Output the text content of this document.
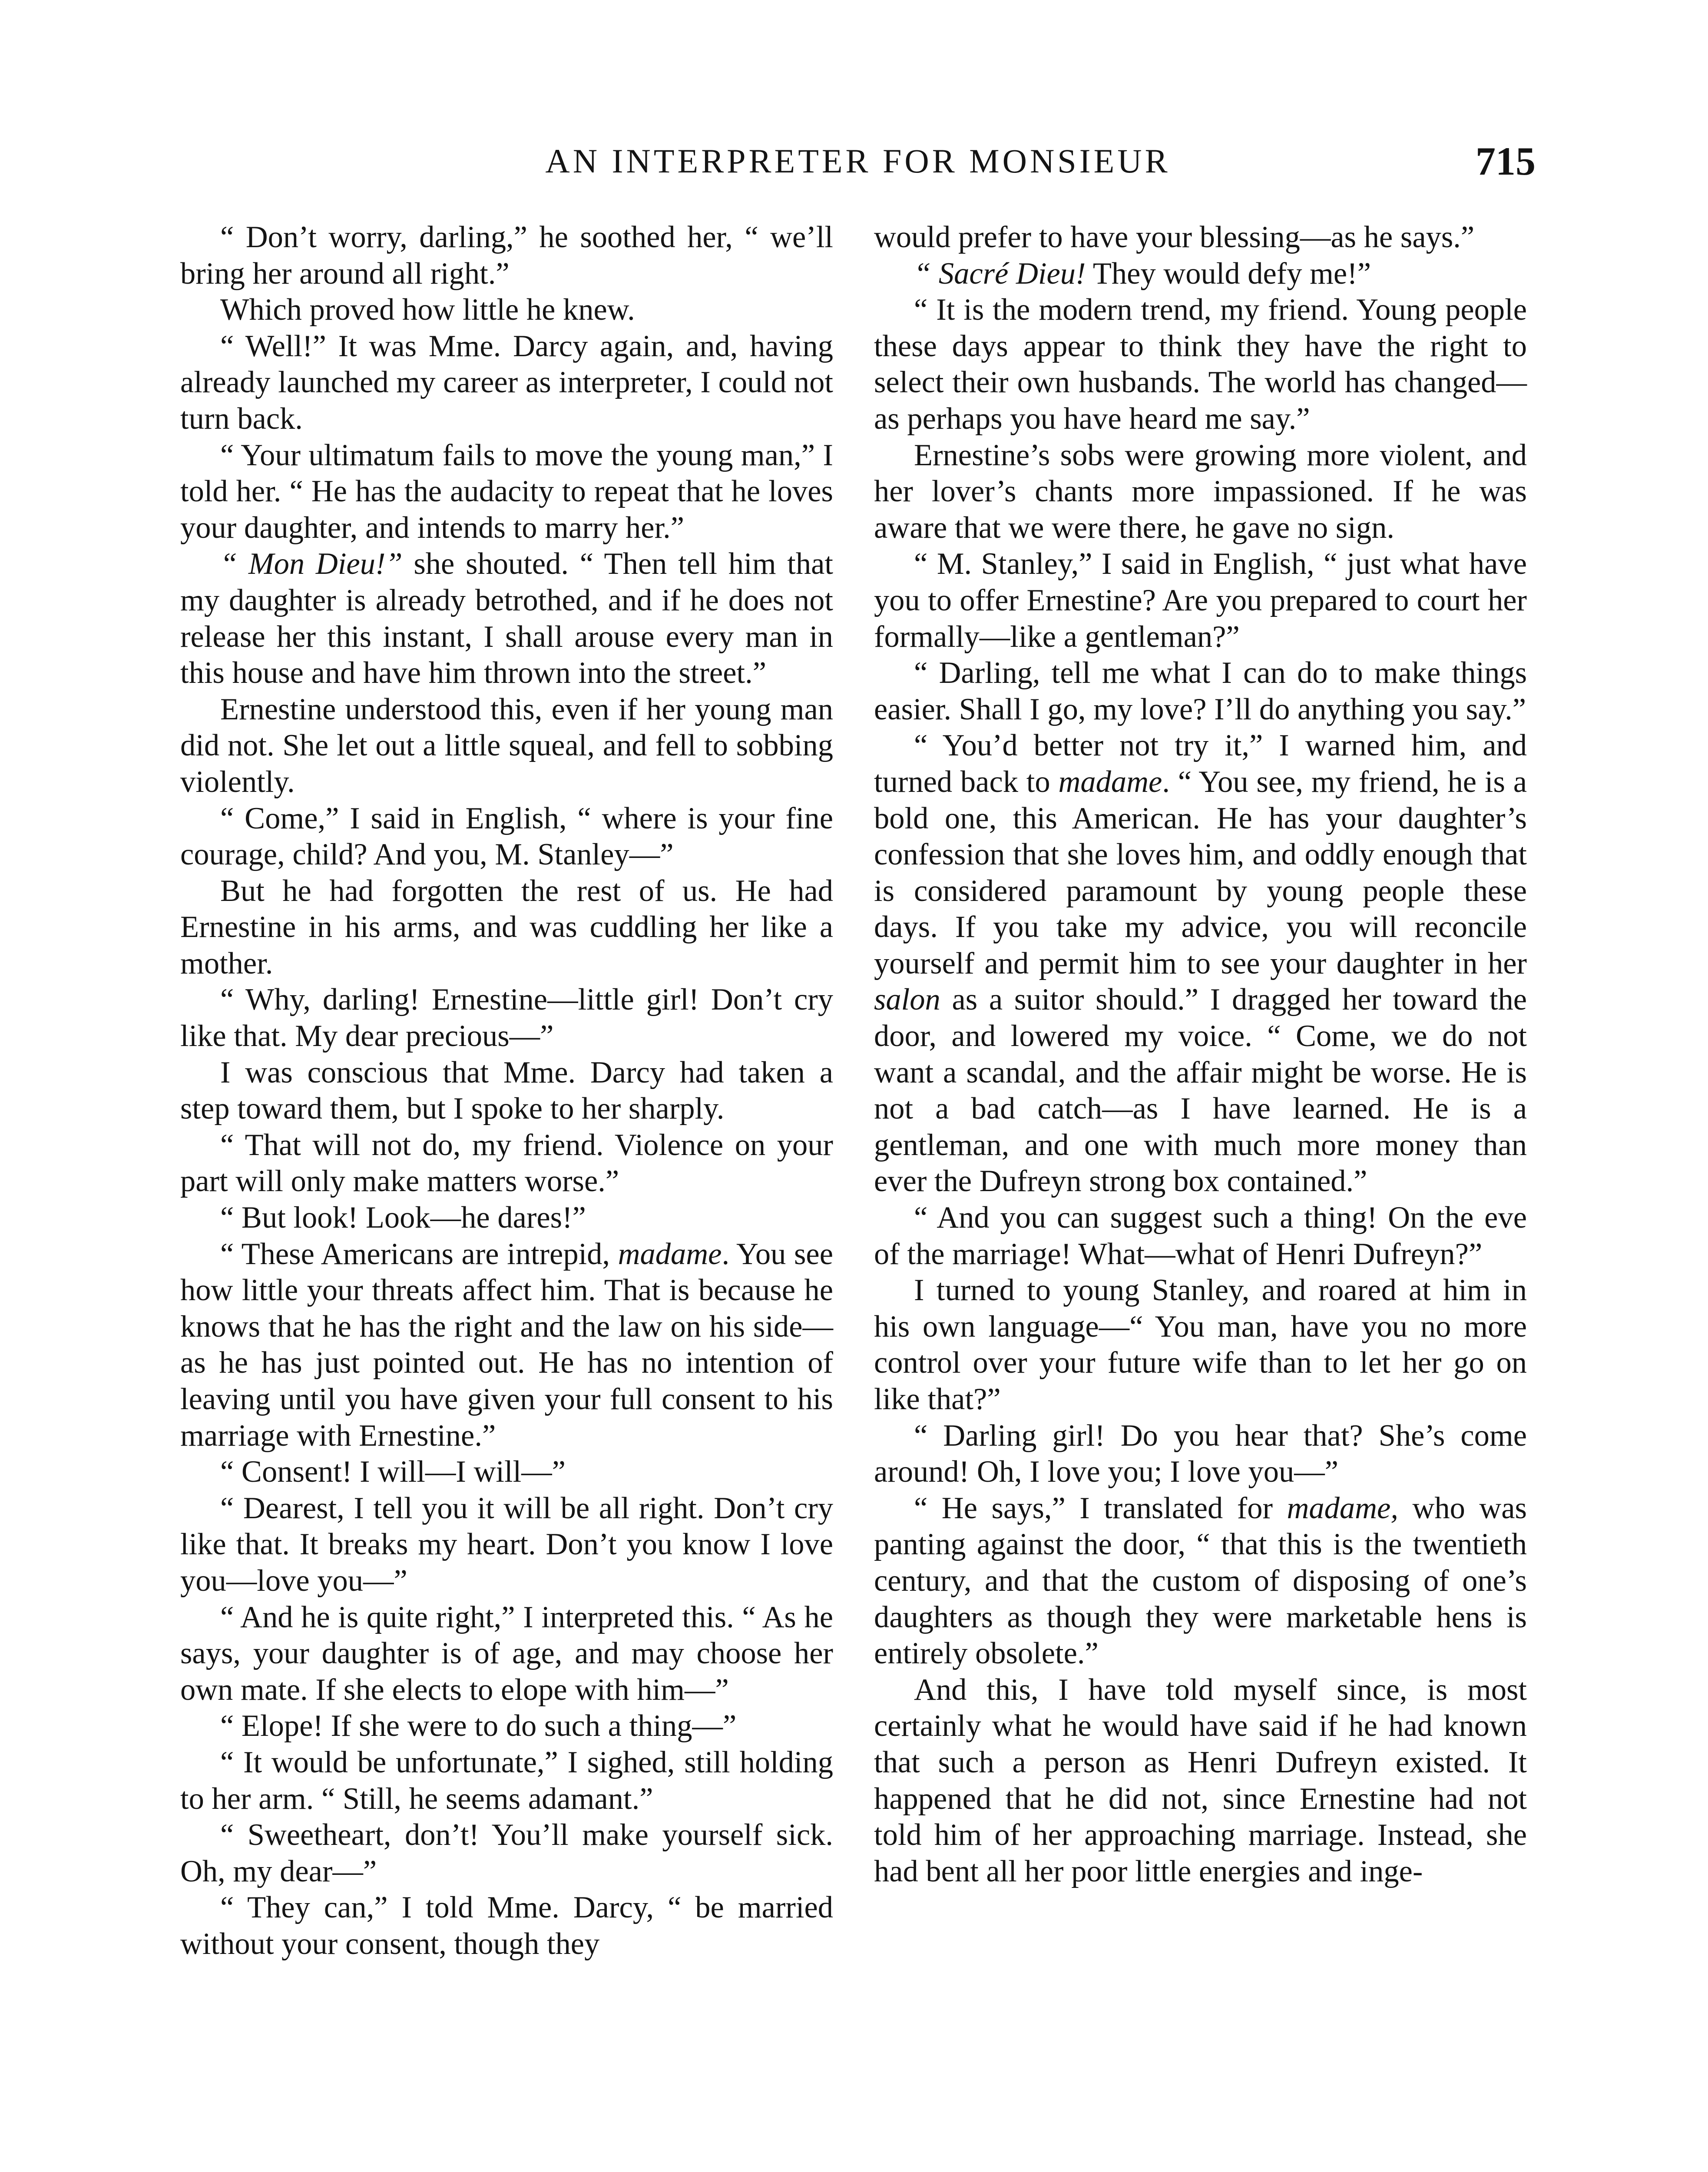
AN INTERPRETER FOR MONSIEUR	715

“ Don’t worry, darling,” he soothed her, “ we’ll bring her around all right.”

Which proved how little he knew.

“ Well!” It was Mme. Darcy again, and, having already launched my career as interpreter, I could not turn back.

“ Your ultimatum fails to move the young man,” I told her. “ He has the audacity to repeat that he loves your daughter, and intends to marry her.”

“ Mon Dieu!” she shouted. “ Then tell him that my daughter is already betrothed, and if he does not release her this instant, I shall arouse every man in this house and have him thrown into the street.”

Ernestine understood this, even if her young man did not. She let out a little squeal, and fell to sobbing violently.

“ Come,” I said in English, “ where is your fine courage, child? And you, M. Stanley—”

But he had forgotten the rest of us. He had Ernestine in his arms, and was cuddling her like a mother.

“ Why, darling! Ernestine—little girl! Don’t cry like that. My dear precious—”

I was conscious that Mme. Darcy had taken a step toward them, but I spoke to her sharply.

“ That will not do, my friend. Violence on your part will only make matters worse.”

“ But look! Look—he dares!”

“ These Americans are intrepid, madame. You see how little your threats affect him. That is because he knows that he has the right and the law on his side—as he has just pointed out. He has no intention of leaving until you have given your full consent to his marriage with Ernestine.”

“ Consent! I will—I will—”

“ Dearest, I tell you it will be all right. Don’t cry like that. It breaks my heart. Don’t you know I love you—love you—”

“ And he is quite right,” I interpreted this. “ As he says, your daughter is of age, and may choose her own mate. If she elects to elope with him—”

“ Elope! If she were to do such a thing—”

“ It would be unfortunate,” I sighed, still holding to her arm. “ Still, he seems adamant.”

“ Sweetheart, don’t! You’ll make yourself sick. Oh, my dear—”

“ They can,” I told Mme. Darcy, “ be married without your consent, though they

would prefer to have your blessing—as he says.”

“ Sacré Dieu! They would defy me!”

“ It is the modern trend, my friend. Young people these days appear to think they have the right to select their own husbands. The world has changed—as perhaps you have heard me say.”

Ernestine’s sobs were growing more violent, and her lover’s chants more impassioned. If he was aware that we were there, he gave no sign.

“ M. Stanley,” I said in English, “ just what have you to offer Ernestine? Are you prepared to court her formally—like a gentleman?”

“ Darling, tell me what I can do to make things easier. Shall I go, my love? I’ll do anything you say.”

“ You’d better not try it,” I warned him, and turned back to madame. “ You see, my friend, he is a bold one, this American. He has your daughter’s confession that she loves him, and oddly enough that is considered paramount by young people these days. If you take my advice, you will reconcile yourself and permit him to see your daughter in her salon as a suitor should.” I dragged her toward the door, and lowered my voice. “ Come, we do not want a scandal, and the affair might be worse. He is not a bad catch—as I have learned. He is a gentleman, and one with much more money than ever the Dufreyn strong box contained.”

“ And you can suggest such a thing! On the eve of the marriage! What—what of Henri Dufreyn?”

I turned to young Stanley, and roared at him in his own language—“ You man, have you no more control over your future wife than to let her go on like that?”

“ Darling girl! Do you hear that? She’s come around! Oh, I love you; I love you—”

“ He says,” I translated for madame, who was panting against the door, “ that this is the twentieth century, and that the custom of disposing of one’s daughters as though they were marketable hens is entirely obsolete.”

And this, I have told myself since, is most certainly what he would have said if he had known that such a person as Henri Dufreyn existed. It happened that he did not, since Ernestine had not told him of her approaching marriage. Instead, she had bent all her poor little energies and inge-
